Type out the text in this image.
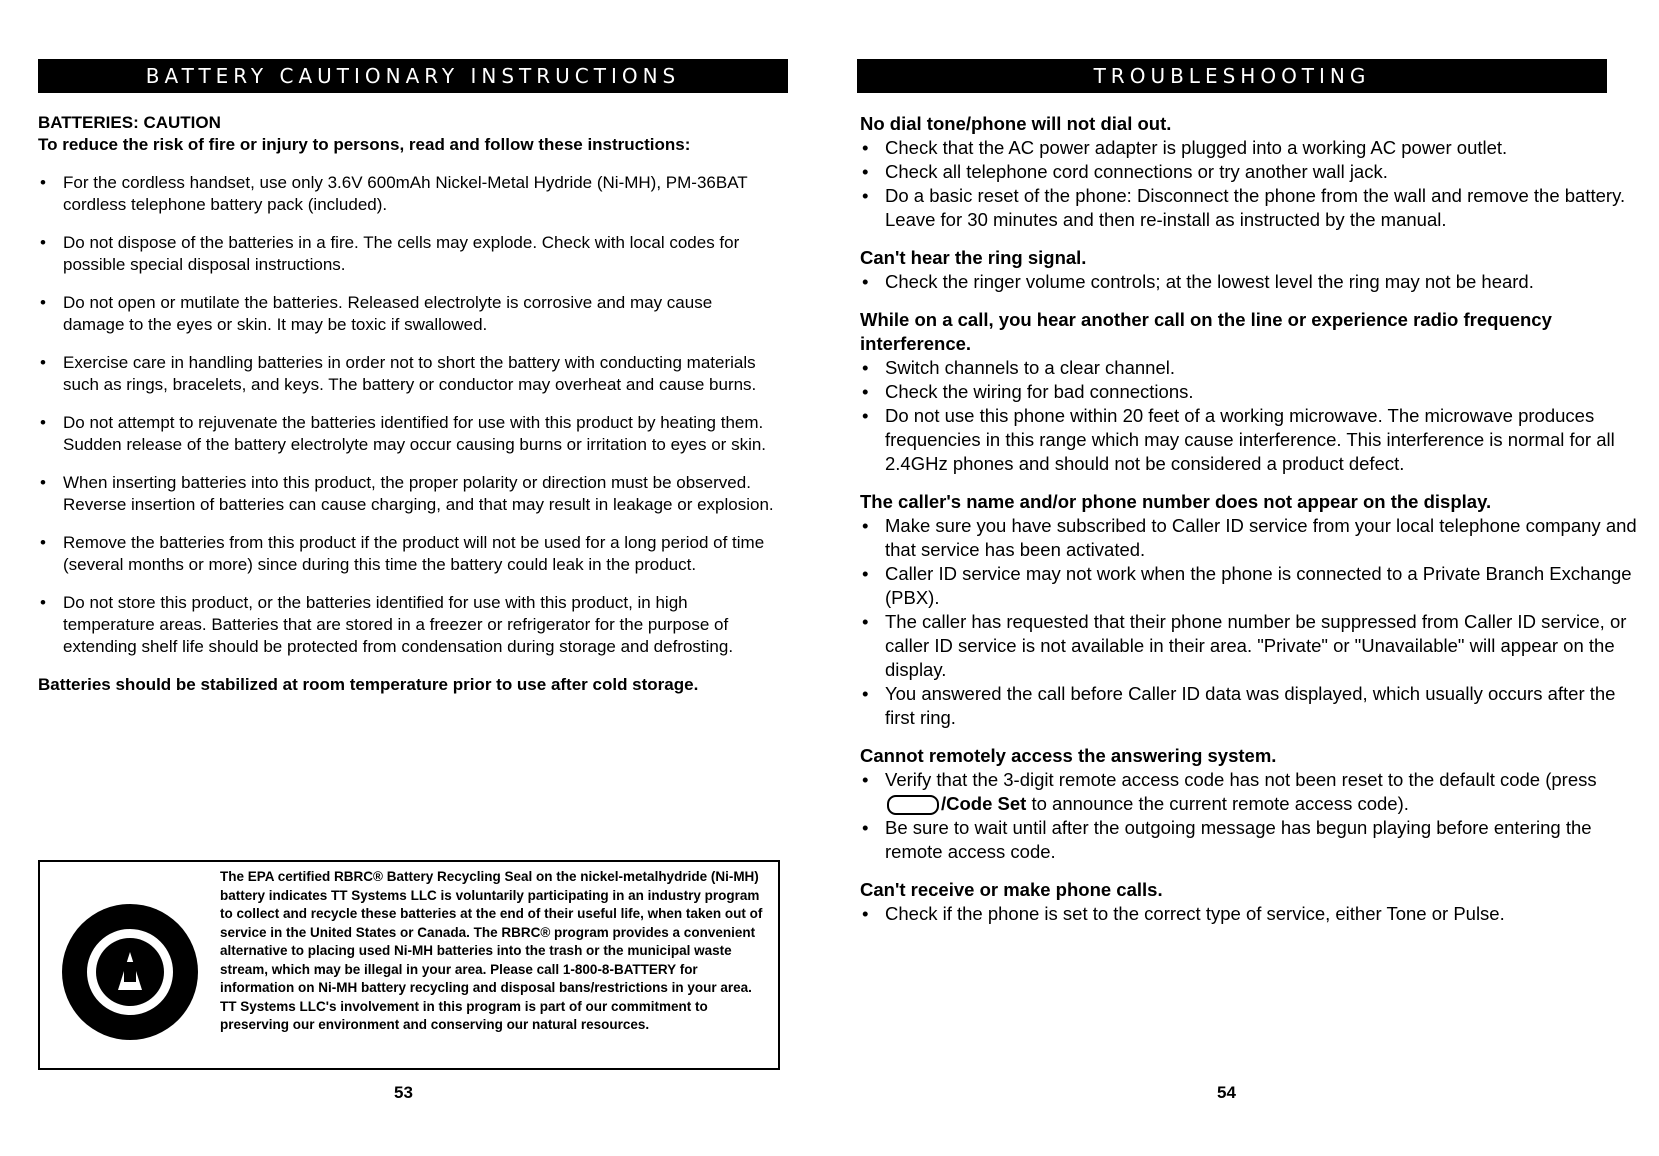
BATTERY CAUTIONARY INSTRUCTIONS
BATTERIES: CAUTION
To reduce the risk of fire or injury to persons, read and follow these instructions:
• For the cordless handset, use only 3.6V 600mAh Nickel-Metal Hydride (Ni-MH), PM-36BAT cordless telephone battery pack (included).
• Do not dispose of the batteries in a fire. The cells may explode. Check with local codes for possible special disposal instructions.
• Do not open or mutilate the batteries. Released electrolyte is corrosive and may cause damage to the eyes or skin. It may be toxic if swallowed.
• Exercise care in handling batteries in order not to short the battery with conducting materials such as rings, bracelets, and keys. The battery or conductor may overheat and cause burns.
• Do not attempt to rejuvenate the batteries identified for use with this product by heating them. Sudden release of the battery electrolyte may occur causing burns or irritation to eyes or skin.
• When inserting batteries into this product, the proper polarity or direction must be observed. Reverse insertion of batteries can cause charging, and that may result in leakage or explosion.
• Remove the batteries from this product if the product will not be used for a long period of time (several months or more) since during this time the battery could leak in the product.
• Do not store this product, or the batteries identified for use with this product, in high temperature areas. Batteries that are stored in a freezer or refrigerator for the purpose of extending shelf life should be protected from condensation during storage and defrosting.
Batteries should be stabilized at room temperature prior to use after cold storage.
The EPA certified RBRC® Battery Recycling Seal on the nickel-metalhydride (Ni-MH) battery indicates TT Systems LLC is voluntarily participating in an industry program to collect and recycle these batteries at the end of their useful life, when taken out of service in the United States or Canada. The RBRC® program provides a convenient alternative to placing used Ni-MH batteries into the trash or the municipal waste stream, which may be illegal in your area. Please call 1-800-8-BATTERY for information on Ni-MH battery recycling and disposal bans/restrictions in your area. TT Systems LLC's involvement in this program is part of our commitment to preserving our environment and conserving our natural resources.
53
TROUBLESHOOTING
No dial tone/phone will not dial out.
• Check that the AC power adapter is plugged into a working AC power outlet.
• Check all telephone cord connections or try another wall jack.
• Do a basic reset of the phone: Disconnect the phone from the wall and remove the battery. Leave for 30 minutes and then re-install as instructed by the manual.
Can't hear the ring signal.
• Check the ringer volume controls; at the lowest level the ring may not be heard.
While on a call, you hear another call on the line or experience radio frequency interference.
• Switch channels to a clear channel.
• Check the wiring for bad connections.
• Do not use this phone within 20 feet of a working microwave. The microwave produces frequencies in this range which may cause interference. This interference is normal for all 2.4GHz phones and should not be considered a product defect.
The caller's name and/or phone number does not appear on the display.
• Make sure you have subscribed to Caller ID service from your local telephone company and that service has been activated.
• Caller ID service may not work when the phone is connected to a Private Branch Exchange (PBX).
• The caller has requested that their phone number be suppressed from Caller ID service, or caller ID service is not available in their area. "Private" or "Unavailable" will appear on the display.
• You answered the call before Caller ID data was displayed, which usually occurs after the first ring.
Cannot remotely access the answering system.
• Verify that the 3-digit remote access code has not been reset to the default code (press /Code Set to announce the current remote access code).
• Be sure to wait until after the outgoing message has begun playing before entering the remote access code.
Can't receive or make phone calls.
• Check if the phone is set to the correct type of service, either Tone or Pulse.
54
